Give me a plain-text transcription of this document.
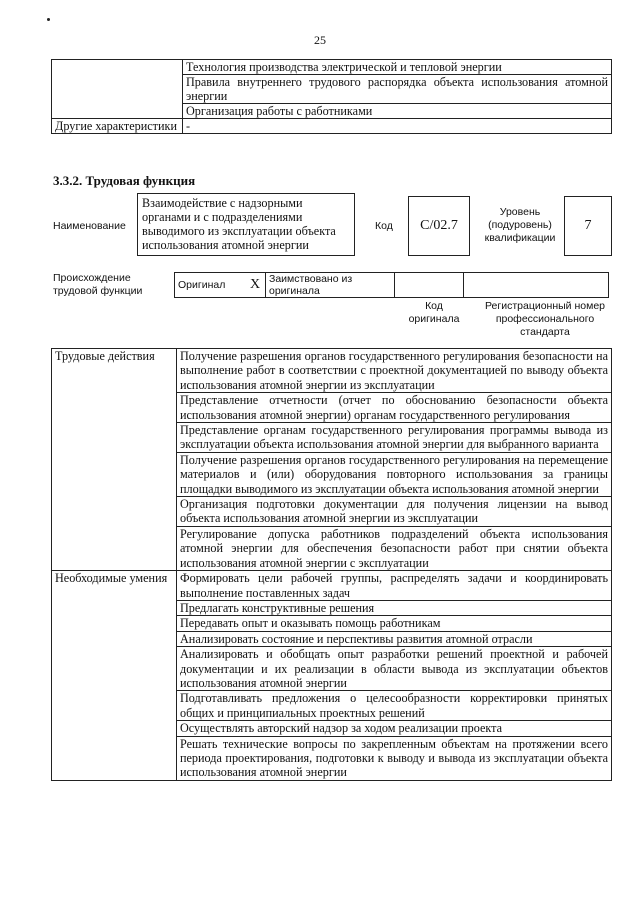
25
	Технология производства электрической и тепловой энергии
	Правила внутреннего трудового распорядка объекта использования атомной энергии
	Организация работы с работниками
Другие характеристики	-
3.3.2. Трудовая функция
Наименование
Взаимодействие с надзорными органами и с подразделениями выводимого из эксплуатации объекта использования атомной энергии
Код	C/02.7
Уровень (подуровень) квалификации
7
Происхождение трудовой функции	Оригинал	X	Заимствовано из оригинала		
Код оригинала
Регистрационный номер профессионального стандарта
Трудовые действия	Получение разрешения органов государственного регулирования безопасности на выполнение работ в соответствии с проектной документацией по выводу объекта использования атомной энергии из эксплуатации
	Представление отчетности (отчет по обоснованию безопасности объекта использования атомной энергии) органам государственного регулирования
	Представление органам государственного регулирования программы вывода из эксплуатации объекта использования атомной энергии для выбранного варианта
	Получение разрешения органов государственного регулирования на перемещение материалов и (или) оборудования повторного использования за границы площадки выводимого из эксплуатации объекта использования атомной энергии
	Организация подготовки документации для получения лицензии на вывод объекта использования атомной энергии из эксплуатации
	Регулирование допуска работников подразделений объекта использования атомной энергии для обеспечения безопасности работ при снятии объекта использования атомной энергии с эксплуатации
Необходимые умения	Формировать цели рабочей группы, распределять задачи и координировать выполнение поставленных задач
	Предлагать конструктивные решения
	Передавать опыт и оказывать помощь работникам
	Анализировать состояние и перспективы развития атомной отрасли
	Анализировать и обобщать опыт разработки решений проектной и рабочей документации и их реализации в области вывода из эксплуатации объектов использования атомной энергии
	Подготавливать предложения о целесообразности корректировки принятых общих и принципиальных проектных решений
	Осуществлять авторский надзор за ходом реализации проекта
	Решать технические вопросы по закрепленным объектам на протяжении всего периода проектирования, подготовки к выводу и вывода из эксплуатации объекта использования атомной энергии
